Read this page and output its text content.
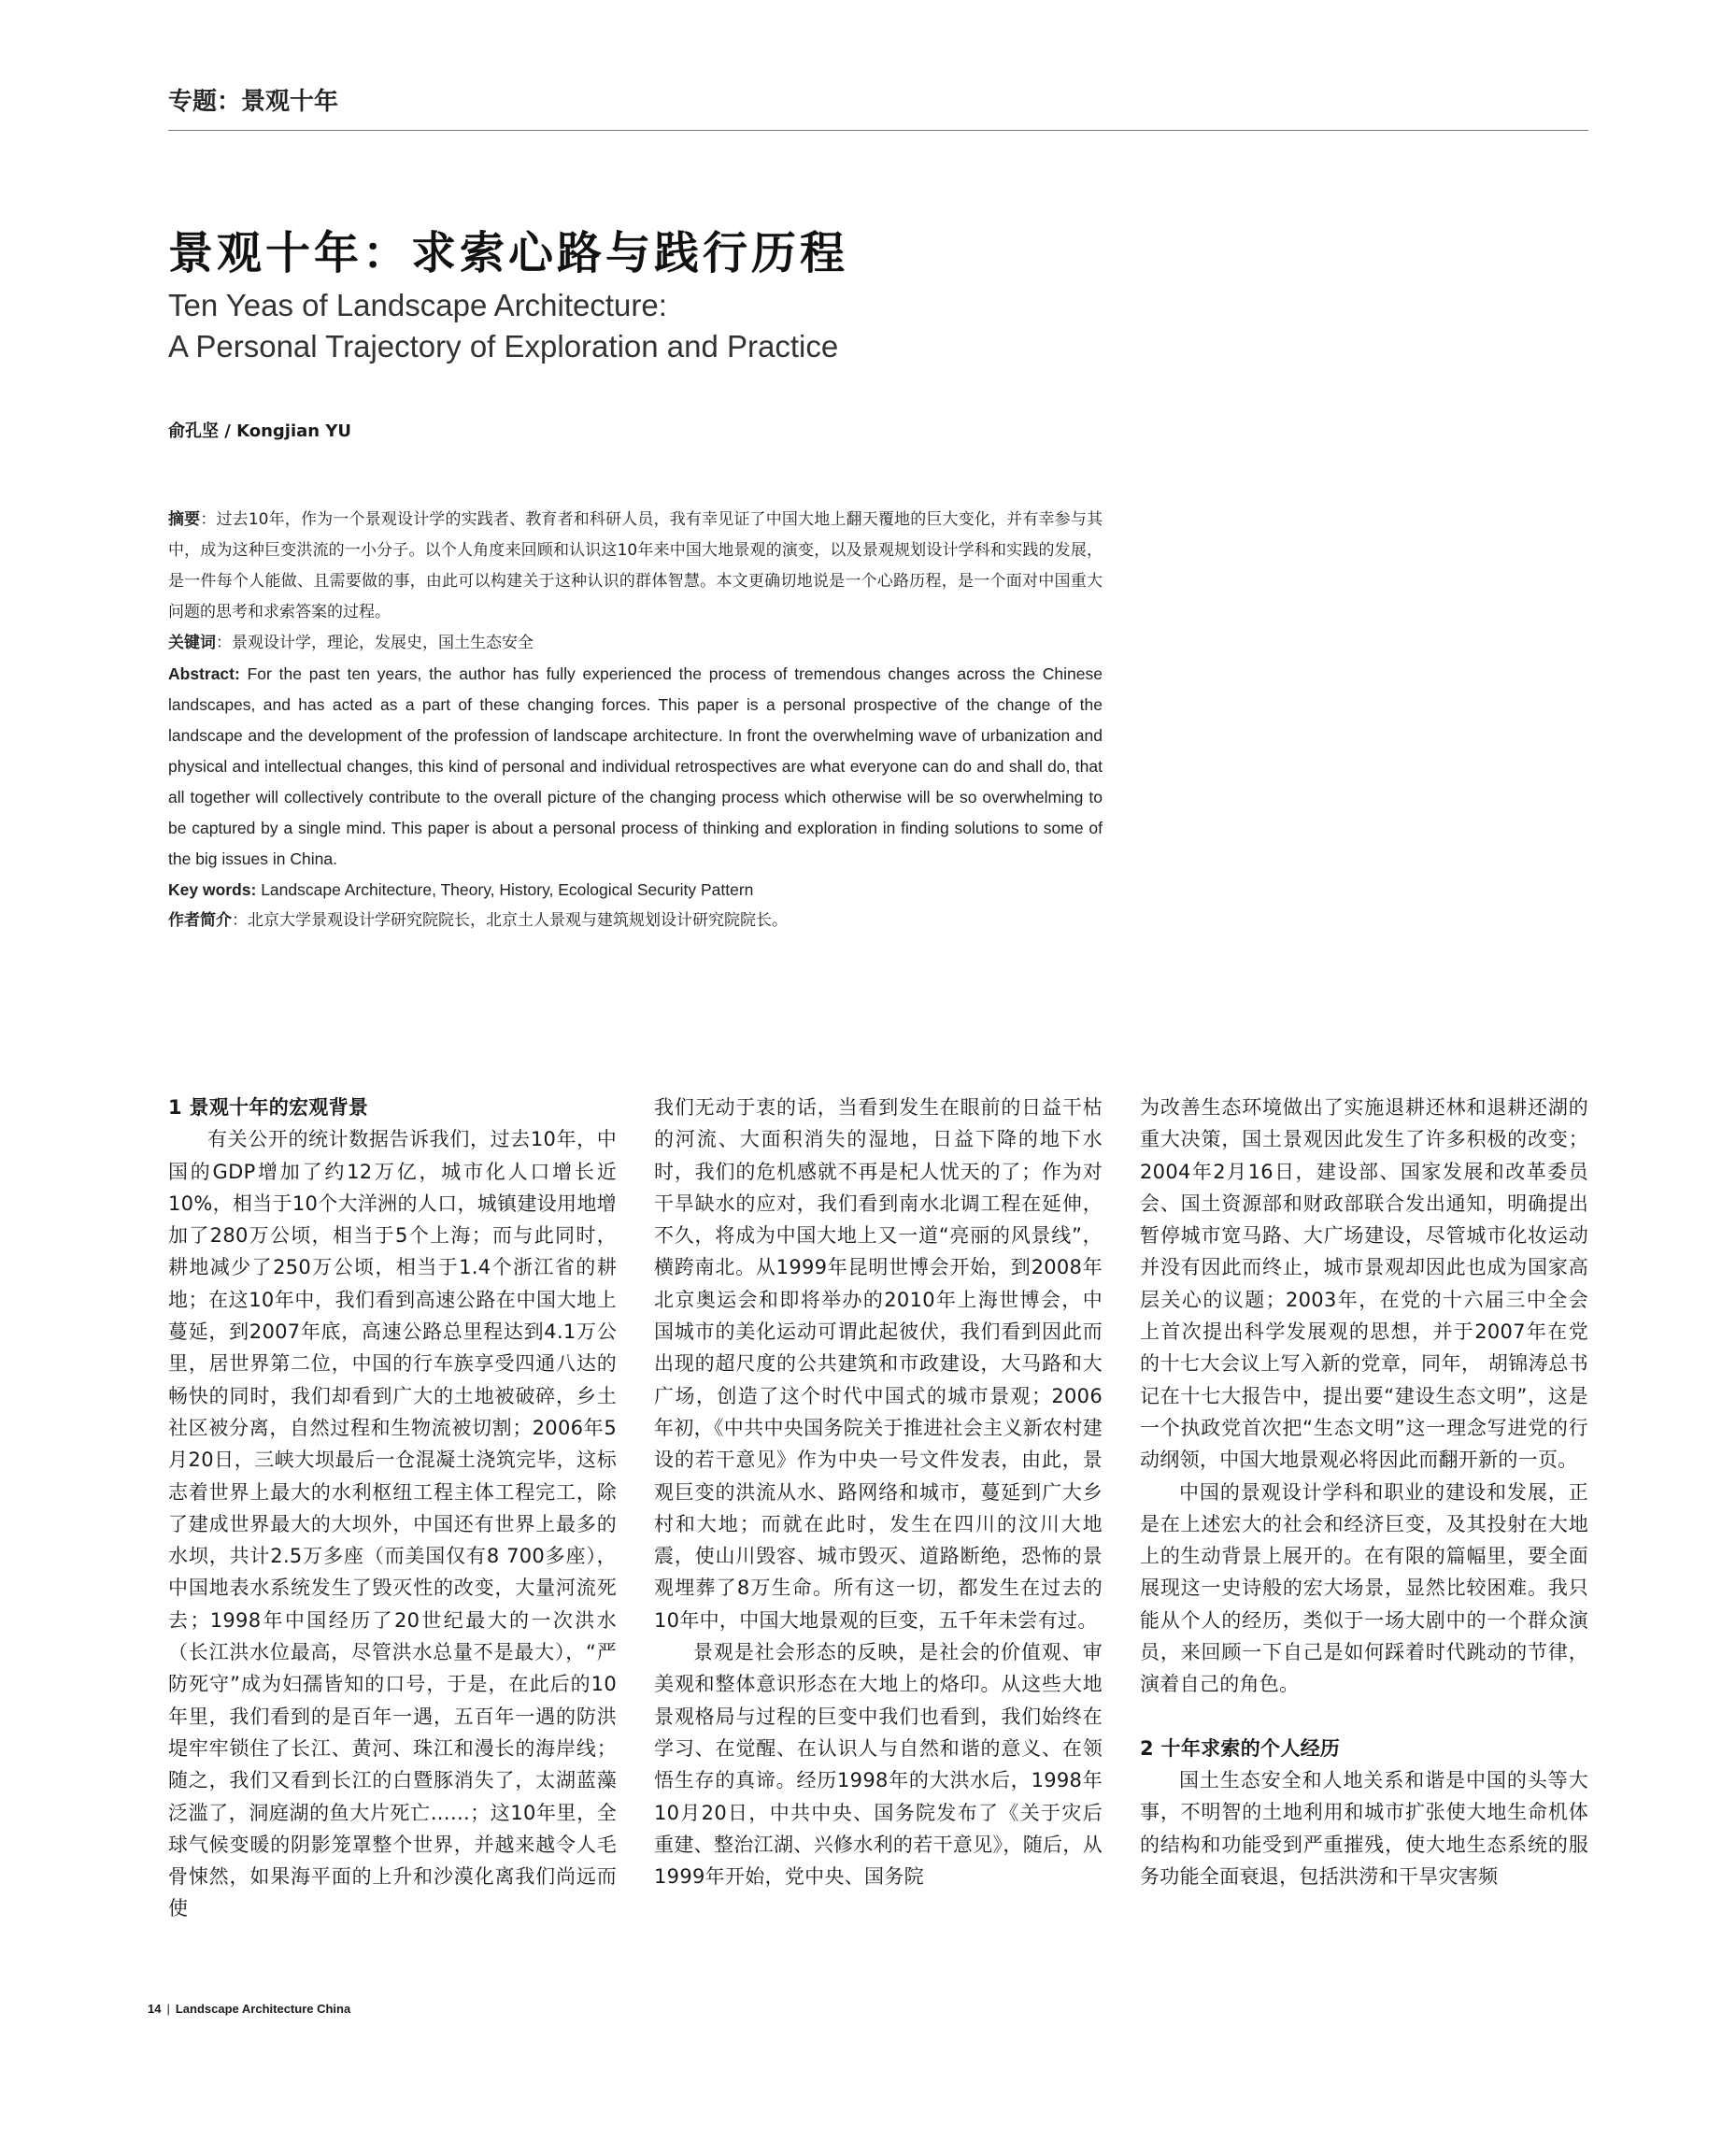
专题：景观十年
景观十年：求索心路与践行历程
Ten Yeas of Landscape Architecture:
A Personal Trajectory of Exploration and Practice
俞孔坚 / Kongjian YU
摘要：过去10年，作为一个景观设计学的实践者、教育者和科研人员，我有幸见证了中国大地上翻天覆地的巨大变化，并有幸参与其中，成为这种巨变洪流的一小分子。以个人角度来回顾和认识这10年来中国大地景观的演变，以及景观规划设计学科和实践的发展，是一件每个人能做、且需要做的事，由此可以构建关于这种认识的群体智慧。本文更确切地说是一个心路历程，是一个面对中国重大问题的思考和求索答案的过程。
关键词：景观设计学，理论，发展史，国土生态安全
Abstract: For the past ten years, the author has fully experienced the process of tremendous changes across the Chinese landscapes, and has acted as a part of these changing forces. This paper is a personal prospective of the change of the landscape and the development of the profession of landscape architecture. In front the overwhelming wave of urbanization and physical and intellectual changes, this kind of personal and individual retrospectives are what everyone can do and shall do, that all together will collectively contribute to the overall picture of the changing process which otherwise will be so overwhelming to be captured by a single mind. This paper is about a personal process of thinking and exploration in finding solutions to some of the big issues in China.
Key words: Landscape Architecture, Theory, History, Ecological Security Pattern
作者简介：北京大学景观设计学研究院院长，北京土人景观与建筑规划设计研究院院长。
1 景观十年的宏观背景

有关公开的统计数据告诉我们，过去10年，中国的GDP增加了约12万亿，城市化人口增长近10%，相当于10个大洋洲的人口，城镇建设用地增加了280万公顷，相当于5个上海；而与此同时，耕地减少了250万公顷，相当于1.4个浙江省的耕地；在这10年中，我们看到高速公路在中国大地上蔓延，到2007年底，高速公路总里程达到4.1万公里，居世界第二位，中国的行车族享受四通八达的畅快的同时，我们却看到广大的土地被破碎，乡土社区被分离，自然过程和生物流被切割；2006年5月20日，三峡大坝最后一仓混凝土浇筑完毕，这标志着世界上最大的水利枢纽工程主体工程完工，除了建成世界最大的大坝外，中国还有世界上最多的水坝，共计2.5万多座（而美国仅有8 700多座），中国地表水系统发生了毁灭性的改变，大量河流死去；1998年中国经历了20世纪最大的一次洪水（长江洪水位最高，尽管洪水总量不是最大），“严防死守”成为妇孺皆知的口号，于是，在此后的10年里，我们看到的是百年一遇，五百年一遇的防洪堤牢牢锁住了长江、黄河、珠江和漫长的海岸线；随之，我们又看到长江的白暨豚消失了，太湖蓝藻泛滥了，洞庭湖的鱼大片死亡……；这10年里，全球气候变暖的阴影笼罩整个世界，并越来越令人毛骨悚然，如果海平面的上升和沙漠化离我们尚远而使

我们无动于衷的话，当看到发生在眼前的日益干枯的河流、大面积消失的湿地，日益下降的地下水时，我们的危机感就不再是杞人忧天的了；作为对干旱缺水的应对，我们看到南水北调工程在延伸，不久，将成为中国大地上又一道“亮丽的风景线”，横跨南北。从1999年昆明世博会开始，到2008年北京奥运会和即将举办的2010年上海世博会，中国城市的美化运动可谓此起彼伏，我们看到因此而出现的超尺度的公共建筑和市政建设，大马路和大广场，创造了这个时代中国式的城市景观；2006年初，《中共中央国务院关于推进社会主义新农村建设的若干意见》作为中央一号文件发表，由此，景观巨变的洪流从水、路网络和城市，蔓延到广大乡村和大地；而就在此时，发生在四川的汶川大地震，使山川毁容、城市毁灭、道路断绝，恐怖的景观埋葬了8万生命。所有这一切，都发生在过去的10年中，中国大地景观的巨变，五千年未尝有过。

景观是社会形态的反映，是社会的价值观、审美观和整体意识形态在大地上的烙印。从这些大地景观格局与过程的巨变中我们也看到，我们始终在学习、在觉醒、在认识人与自然和谐的意义、在领悟生存的真谛。经历1998年的大洪水后，1998年10月20日，中共中央、国务院发布了《关于灾后重建、整治江湖、兴修水利的若干意见》，随后，从1999年开始，党中央、国务院

为改善生态环境做出了实施退耕还林和退耕还湖的重大决策，国土景观因此发生了许多积极的改变；2004年2月16日，建设部、国家发展和改革委员会、国土资源部和财政部联合发出通知，明确提出暂停城市宽马路、大广场建设，尽管城市化妆运动并没有因此而终止，城市景观却因此也成为国家高层关心的议题；2003年，在党的十六届三中全会上首次提出科学发展观的思想，并于2007年在党的十七大会议上写入新的党章，同年， 胡锦涛总书记在十七大报告中，提出要“建设生态文明”，这是一个执政党首次把“生态文明”这一理念写进党的行动纲领，中国大地景观必将因此而翻开新的一页。

中国的景观设计学科和职业的建设和发展，正是在上述宏大的社会和经济巨变，及其投射在大地上的生动背景上展开的。在有限的篇幅里，要全面展现这一史诗般的宏大场景，显然比较困难。我只能从个人的经历，类似于一场大剧中的一个群众演员，来回顾一下自己是如何踩着时代跳动的节律，演着自己的角色。

2 十年求索的个人经历

国土生态安全和人地关系和谐是中国的头等大事，不明智的土地利用和城市扩张使大地生命机体的结构和功能受到严重摧残，使大地生态系统的服务功能全面衰退，包括洪涝和干旱灾害频

14 | Landscape Architecture China
